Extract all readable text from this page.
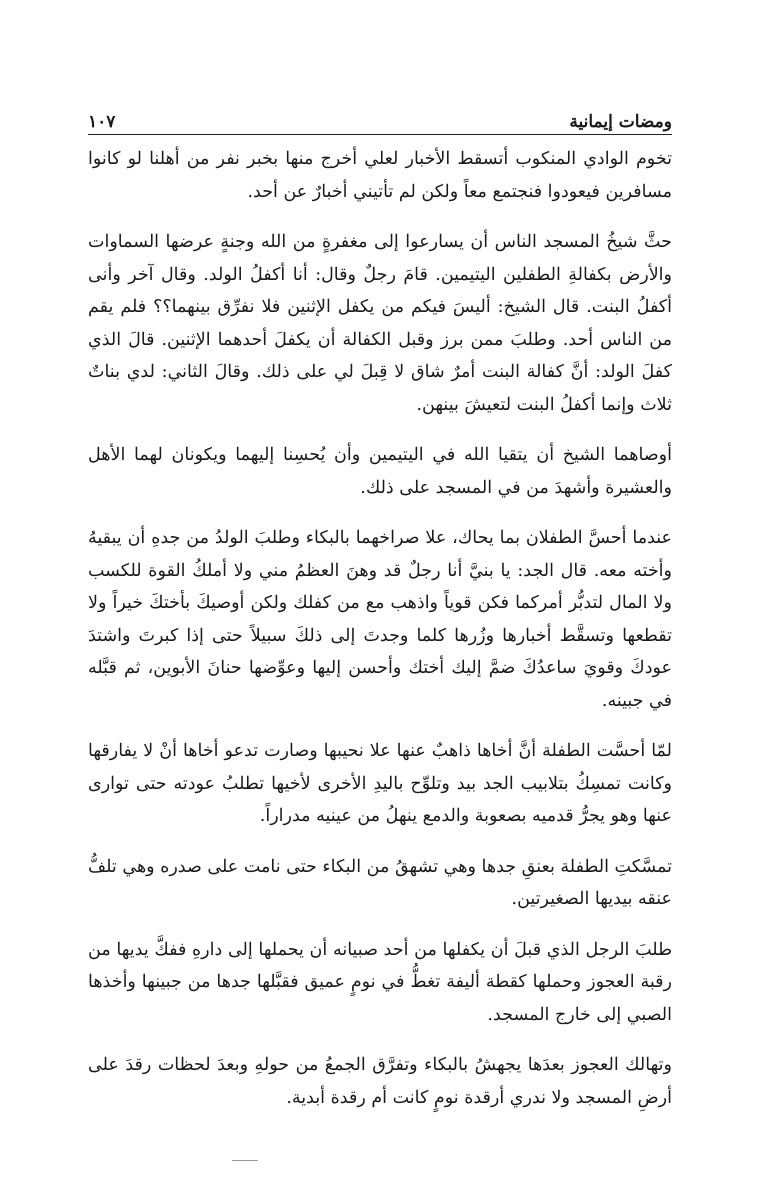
ومضات إيمانية
١٠٧

تخوم الوادي المنكوب أتسقط الأخبار لعلي أخرج منها بخبر نفر من أهلنا لو كانوا مسافرين فيعودوا فنجتمع معاً ولكن لم تأتيني أخبارٌ عن أحد.

حثَّ شيخُ المسجد الناس أن يسارعوا إلى مغفرةٍ من الله وجنةٍ عرضها السماوات والأرض بكفالةِ الطفلين اليتيمين. قامَ رجلٌ وقال: أنا أكفلُ الولد. وقال آخر وأنى أكفلُ البنت. قال الشيخ: أليسَ فيكم من يكفل الإثنين فلا نفرِّق بينهما؟؟ فلم يقم من الناس أحد. وطلبَ ممن برز وقبل الكفالة أن يكفلَ أحدهما الإثنين. قالَ الذي كفلَ الولد: أنَّ كفالة البنت أمرٌ شاق لا قِبلَ لي على ذلك. وقالَ الثاني: لدي بناتٌ ثلاث وإنما أكفلُ البنت لتعيشَ بينهن.

أوصاهما الشيخ أن يتقيا الله في اليتيمين وأن يُحسِنا إليهما ويكونان لهما الأهل والعشيرة وأشهدَ من في المسجد على ذلك.

عندما أحسَّ الطفلان بما يحاك، علا صراخهما بالبكاء وطلبَ الولدُ من جدهِ أن يبقيهُ وأخته معه. قال الجد: يا بنيَّ أنا رجلٌ قد وهنَ العظمُ مني ولا أملكُ القوة للكسب ولا المال لتدبُّر أمركما فكن قوياً واذهب مع من كفلك ولكن أوصيكَ بأختكَ خيراً ولا تقطعها وتسقَّط أخبارها وزُرها كلما وجدتَ إلى ذلكَ سبيلاً حتى إذا كبرتَ واشتدَ عودكَ وقويَ ساعدُكَ ضمَّ إليك أختك وأحسن إليها وعوِّضها حنانَ الأبوين، ثم قبَّله في جبينه.

لمّا أحسَّت الطفلة أنَّ أخاها ذاهبٌ عنها علا نحيبها وصارت تدعو أخاها أنْ لا يفارقها وكانت تمسِكُ بتلابيب الجد بيد وتلوِّح باليدِ الأخرى لأخيها تطلبُ عودته حتى توارى عنها وهو يجرُّ قدميه بصعوبة والدمع ينهلُ من عينيه مدراراً.

تمسَّكتِ الطفلة بعنقِ جدها وهي تشهقُ من البكاء حتى نامت على صدره وهي تلفُّ عنقه بيديها الصغيرتين.

طلبَ الرجل الذي قبلَ أن يكفلها من أحد صبيانه أن يحملها إلى دارهِ ففكَّ يديها من رقبة العجوز وحملها كقطة أليفة تغطُّ في نومٍ عميق فقبَّلها جدها من جبينها وأخذها الصبي إلى خارج المسجد.

وتهالك العجوز بعدَها يجهشُ بالبكاء وتفرَّق الجمعُ من حولهِ وبعدَ لحظات رقدَ على أرضِ المسجد ولا ندري أرقدة نومٍ كانت أم رقدة أبدية.
